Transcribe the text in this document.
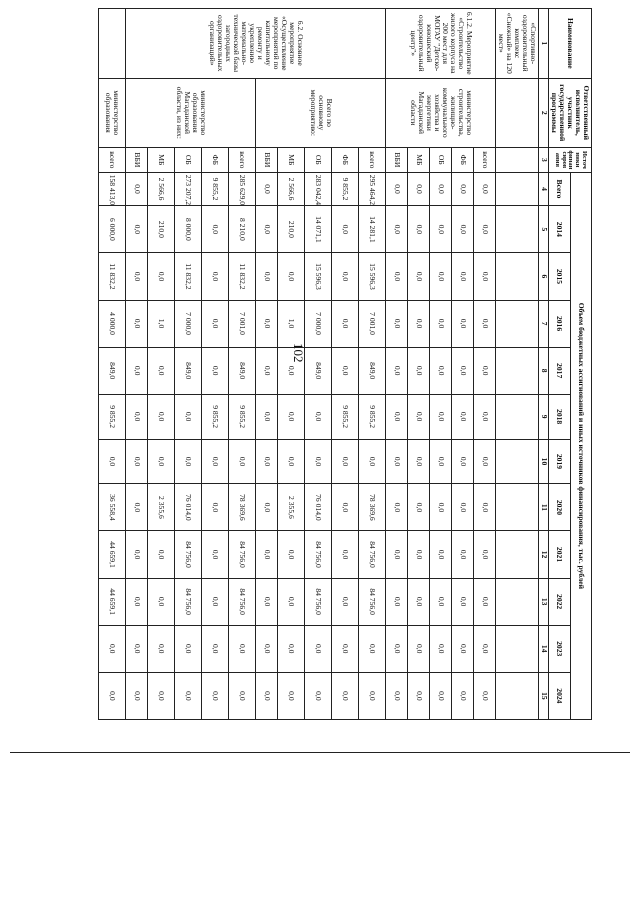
102
Наименование	Ответственный исполнитель, участник государственной программы	Источники финансирования	Объем бюджетных ассигнований и иных источников финансирования, тыс. рублей											
			Всего	2014	2015	2016	2017	2018	2019	2020	2021	2022	2023	2024
1	2	3	4	5	6	7	8	9	10	11	12	13	14	15
«Спортивно-оздоровительный комплекс «Снежный» на 120 мест»														
6.1.2. Мероприятие «Строительство жилого корпуса на 200 мест для МОГАУ "Детско-юношеский оздоровительный центр"»	министерство строительства, жилищно-коммунального хозяйства и энергетики Магаданской области	всего	0,0	0,0	0,0	0,0	0,0	0,0	0,0	0,0	0,0	0,0	0,0	0,0
		ФБ	0,0	0,0	0,0	0,0	0,0	0,0	0,0	0,0	0,0	0,0	0,0	0,0
		ОБ	0,0	0,0	0,0	0,0	0,0	0,0	0,0	0,0	0,0	0,0	0,0	0,0
		МБ	0,0	0,0	0,0	0,0	0,0	0,0	0,0	0,0	0,0	0,0	0,0	0,0
		ВБИ	0,0	0,0	0,0	0,0	0,0	0,0	0,0	0,0	0,0	0,0	0,0	0,0
6.2. Основное мероприятие «Осуществление мероприятий по капитальному ремонту и укреплению материально-технической базы загородных оздоровительных организаций»	Всего по основному мероприятию:	всего	295 464,2	14 281,1	15 596,3	7 001,0	849,0	9 855,2	0,0	78 369,6	84 756,0	84 756,0	0,0	0,0
		ФБ	9 855,2	0,0	0,0	0,0	0,0	9 855,2	0,0	0,0	0,0	0,0	0,0	0,0
		ОБ	283 042,4	14 071,1	15 596,3	7 000,0	849,0	0,0	0,0	76 014,0	84 756,0	84 756,0	0,0	0,0
		МБ	2 566,6	210,0	0,0	1,0	0,0	0,0	0,0	2 355,6	0,0	0,0	0,0	0,0
		ВБИ	0,0	0,0	0,0	0,0	0,0	0,0	0,0	0,0	0,0	0,0	0,0	0,0
	министерство образования Магаданской области, из них:	всего	285 629,0	8 210,0	11 832,2	7 001,0	849,0	9 855,2	0,0	78 369,6	84 756,0	84 756,0	0,0	0,0
		ФБ	9 855,2	0,0	0,0	0,0	0,0	9 855,2	0,0	0,0	0,0	0,0	0,0	0,0
		ОБ	273 207,2	8 000,0	11 832,2	7 000,0	849,0	0,0	0,0	76 014,0	84 756,0	84 756,0	0,0	0,0
		МБ	2 566,6	210,0	0,0	1,0	0,0	0,0	0,0	2 355,6	0,0	0,0	0,0	0,0
		ВБИ	0,0	0,0	0,0	0,0	0,0	0,0	0,0	0,0	0,0	0,0	0,0	0,0
	министерство образования	всего	158 413,0	6 000,0	11 832,2	4 000,0	849,0	9 855,2	0,0	36 558,4	44 659,1	44 659,1	0,0	0,0
